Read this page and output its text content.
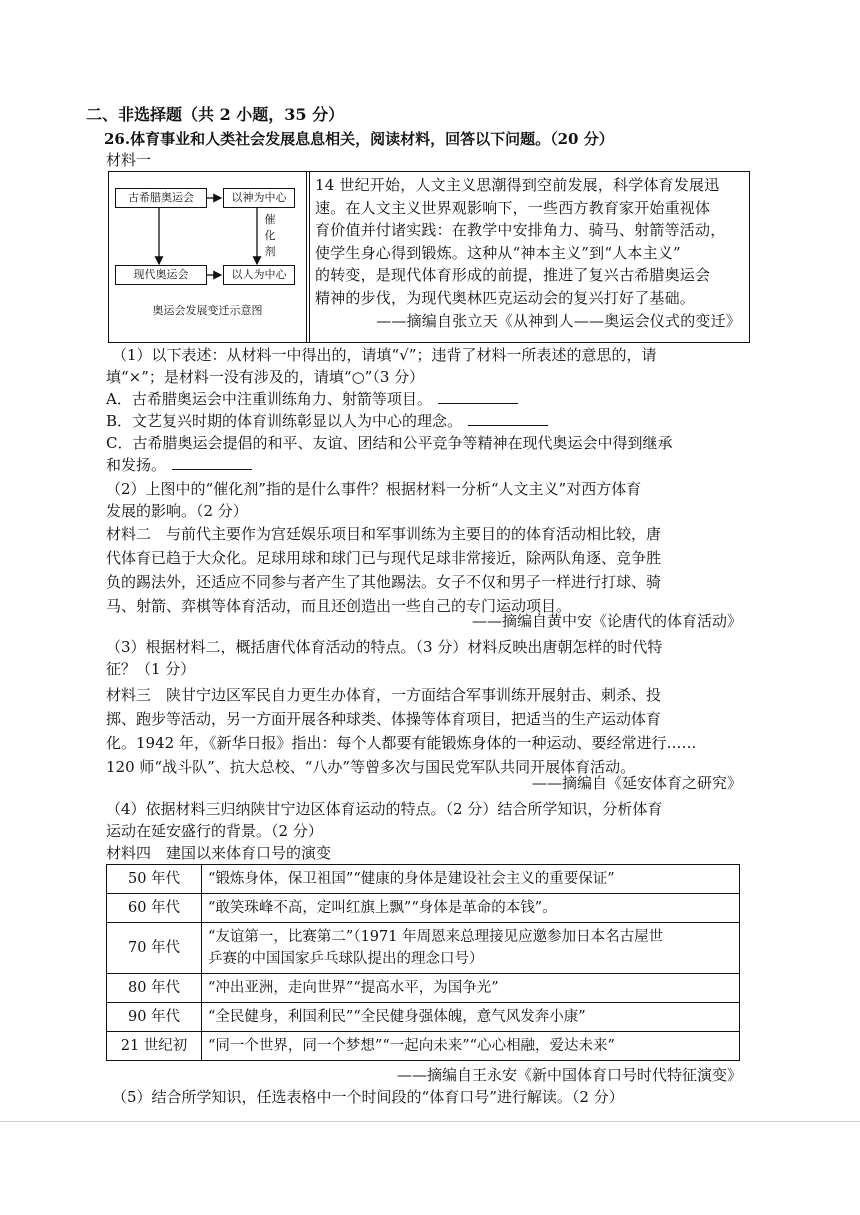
二、非选择题（共 2 小题，35 分）
26.体育事业和人类社会发展息息相关，阅读材料，回答以下问题。（20 分）
材料一
古希腊奥运会	以神为中心
催
化
剂
现代奥运会	以人为中心
奥运会发展变迁示意图
14 世纪开始，人文主义思潮得到空前发展，科学体育发展迅
速。在人文主义世界观影响下，一些西方教育家开始重视体
育价值并付诸实践：在教学中安排角力、骑马、射箭等活动，
使学生身心得到锻炼。这种从“神本主义”到“人本主义”
的转变，是现代体育形成的前提，推进了复兴古希腊奥运会
精神的步伐，为现代奥林匹克运动会的复兴打好了基础。
——摘编自张立天《从神到人——奥运会仪式的变迁》
（1）以下表述：从材料一中得出的，请填“√”；违背了材料一所表述的意思的，请
填“×”；是材料一没有涉及的，请填“○”（3 分）
A．古希腊奥运会中注重训练角力、射箭等项目。
B．文艺复兴时期的体育训练彰显以人为中心的理念。
C．古希腊奥运会提倡的和平、友谊、团结和公平竞争等精神在现代奥运会中得到继承
和发扬。
（2）上图中的“催化剂”指的是什么事件？根据材料一分析“人文主义”对西方体育
发展的影响。（2 分）
材料二　与前代主要作为宫廷娱乐项目和军事训练为主要目的的体育活动相比较，唐
代体育已趋于大众化。足球用球和球门已与现代足球非常接近，除两队角逐、竞争胜
负的踢法外，还适应不同参与者产生了其他踢法。女子不仅和男子一样进行打球、骑
马、射箭、弈棋等体育活动，而且还创造出一些自己的专门运动项目。
——摘编自黄中安《论唐代的体育活动》
（3）根据材料二，概括唐代体育活动的特点。（3 分）材料反映出唐朝怎样的时代特
征？（1 分）
材料三　陕甘宁边区军民自力更生办体育，一方面结合军事训练开展射击、刺杀、投
掷、跑步等活动，另一方面开展各种球类、体操等体育项目，把适当的生产运动体育
化。1942 年，《新华日报》指出：每个人都要有能锻炼身体的一种运动、要经常进行……
120 师“战斗队”、抗大总校、“八办”等曾多次与国民党军队共同开展体育活动。
——摘编自《延安体育之研究》
（4）依据材料三归纳陕甘宁边区体育运动的特点。（2 分）结合所学知识，分析体育
运动在延安盛行的背景。（2 分）
材料四　建国以来体育口号的演变
50 年代	“锻炼身体，保卫祖国”“健康的身体是建设社会主义的重要保证”
60 年代	“敢笑珠峰不高，定叫红旗上飘”“身体是革命的本钱”。
70 年代	“友谊第一，比赛第二”（1971 年周恩来总理接见应邀参加日本名古屋世
乒赛的中国国家乒乓球队提出的理念口号）

80 年代	“冲出亚洲，走向世界”“提高水平，为国争光”
90 年代	“全民健身，利国利民”“全民健身强体魄，意气风发奔小康”
21 世纪初	“同一个世界，同一个梦想”“一起向未来”“心心相融，爱达未来”
——摘编自王永安《新中国体育口号时代特征演变》
（5）结合所学知识，任选表格中一个时间段的“体育口号”进行解读。（2 分）
